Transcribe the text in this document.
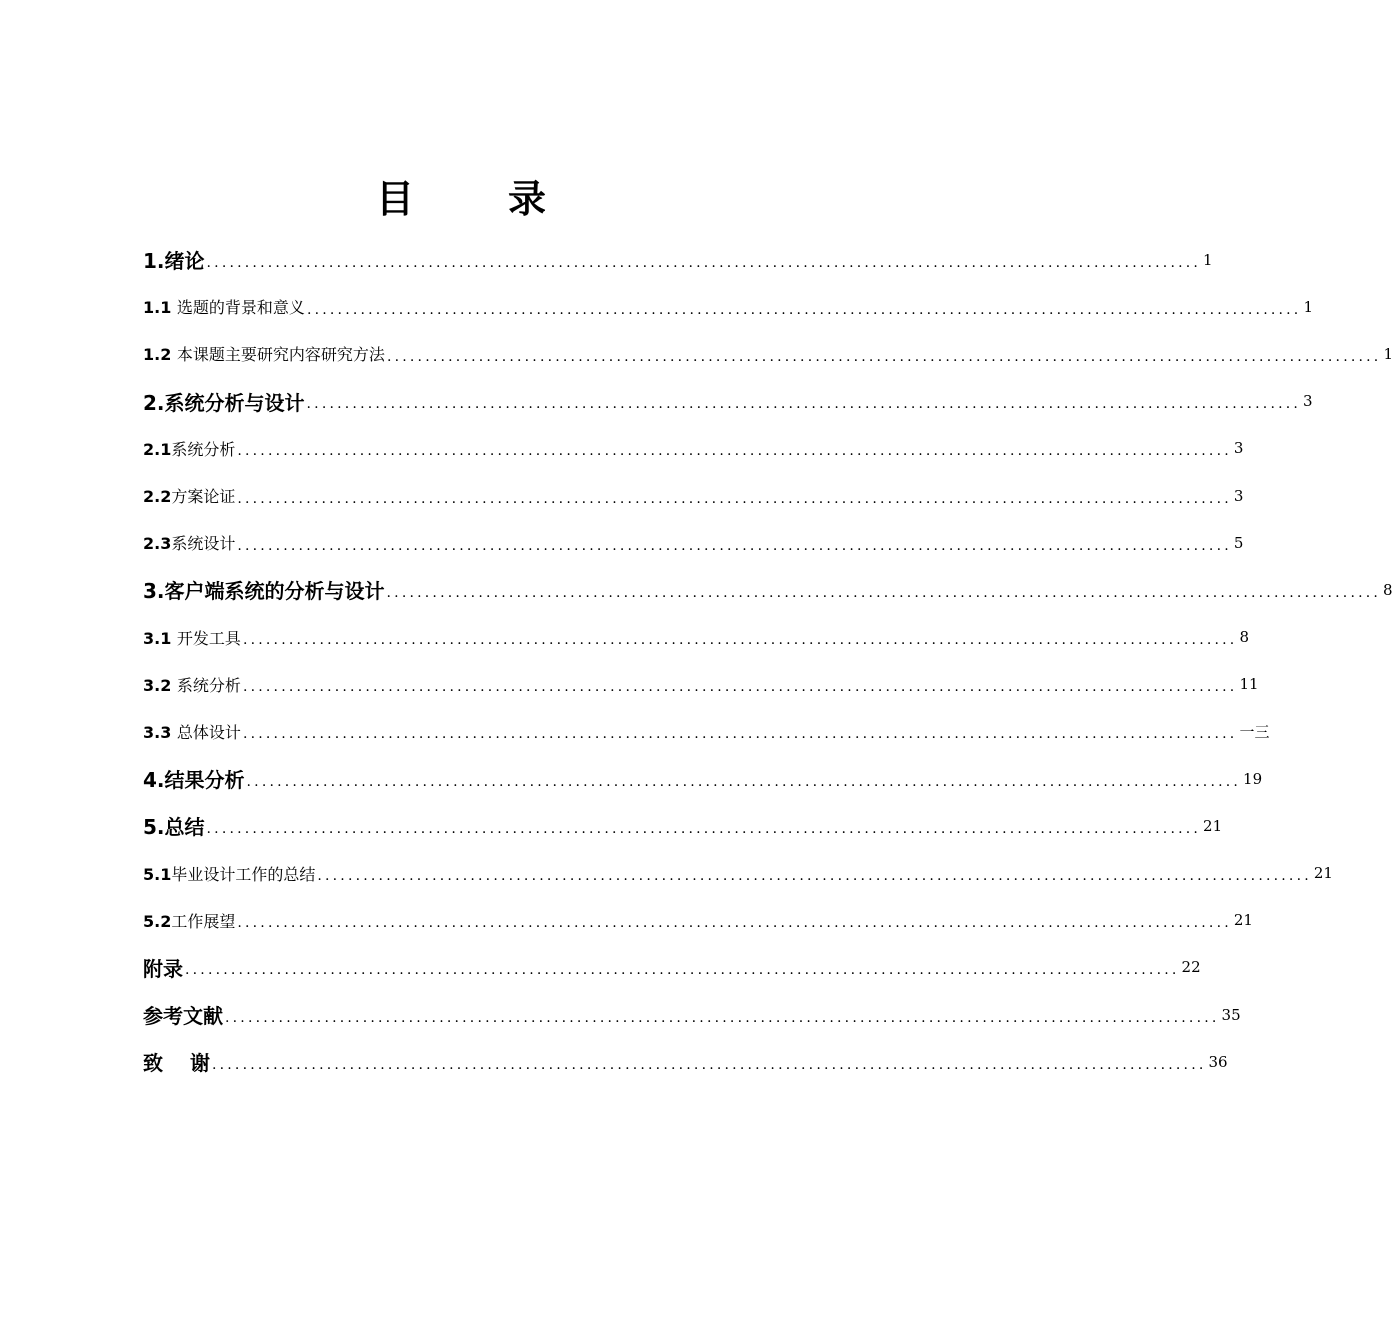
目　录
1.绪论 .................................................................................................................................. 1
1.1 选题的背景和意义 .................................................................................................................................. 1
1.2 本课题主要研究内容研究方法 .................................................................................................................................. 1
2.系统分析与设计 .................................................................................................................................. 3
2.1系统分析 .................................................................................................................................. 3
2.2方案论证 .................................................................................................................................. 3
2.3系统设计 .................................................................................................................................. 5
3.客户端系统的分析与设计 .................................................................................................................................. 8
3.1 开发工具 .................................................................................................................................. 8
3.2 系统分析 .................................................................................................................................. 11
3.3 总体设计 .................................................................................................................................. 一三
4.结果分析 .................................................................................................................................. 19
5.总结 .................................................................................................................................. 21
5.1毕业设计工作的总结 .................................................................................................................................. 21
5.2工作展望 .................................................................................................................................. 21
附录 .................................................................................................................................. 22
参考文献 .................................................................................................................................. 35
致　 谢 .................................................................................................................................. 36
